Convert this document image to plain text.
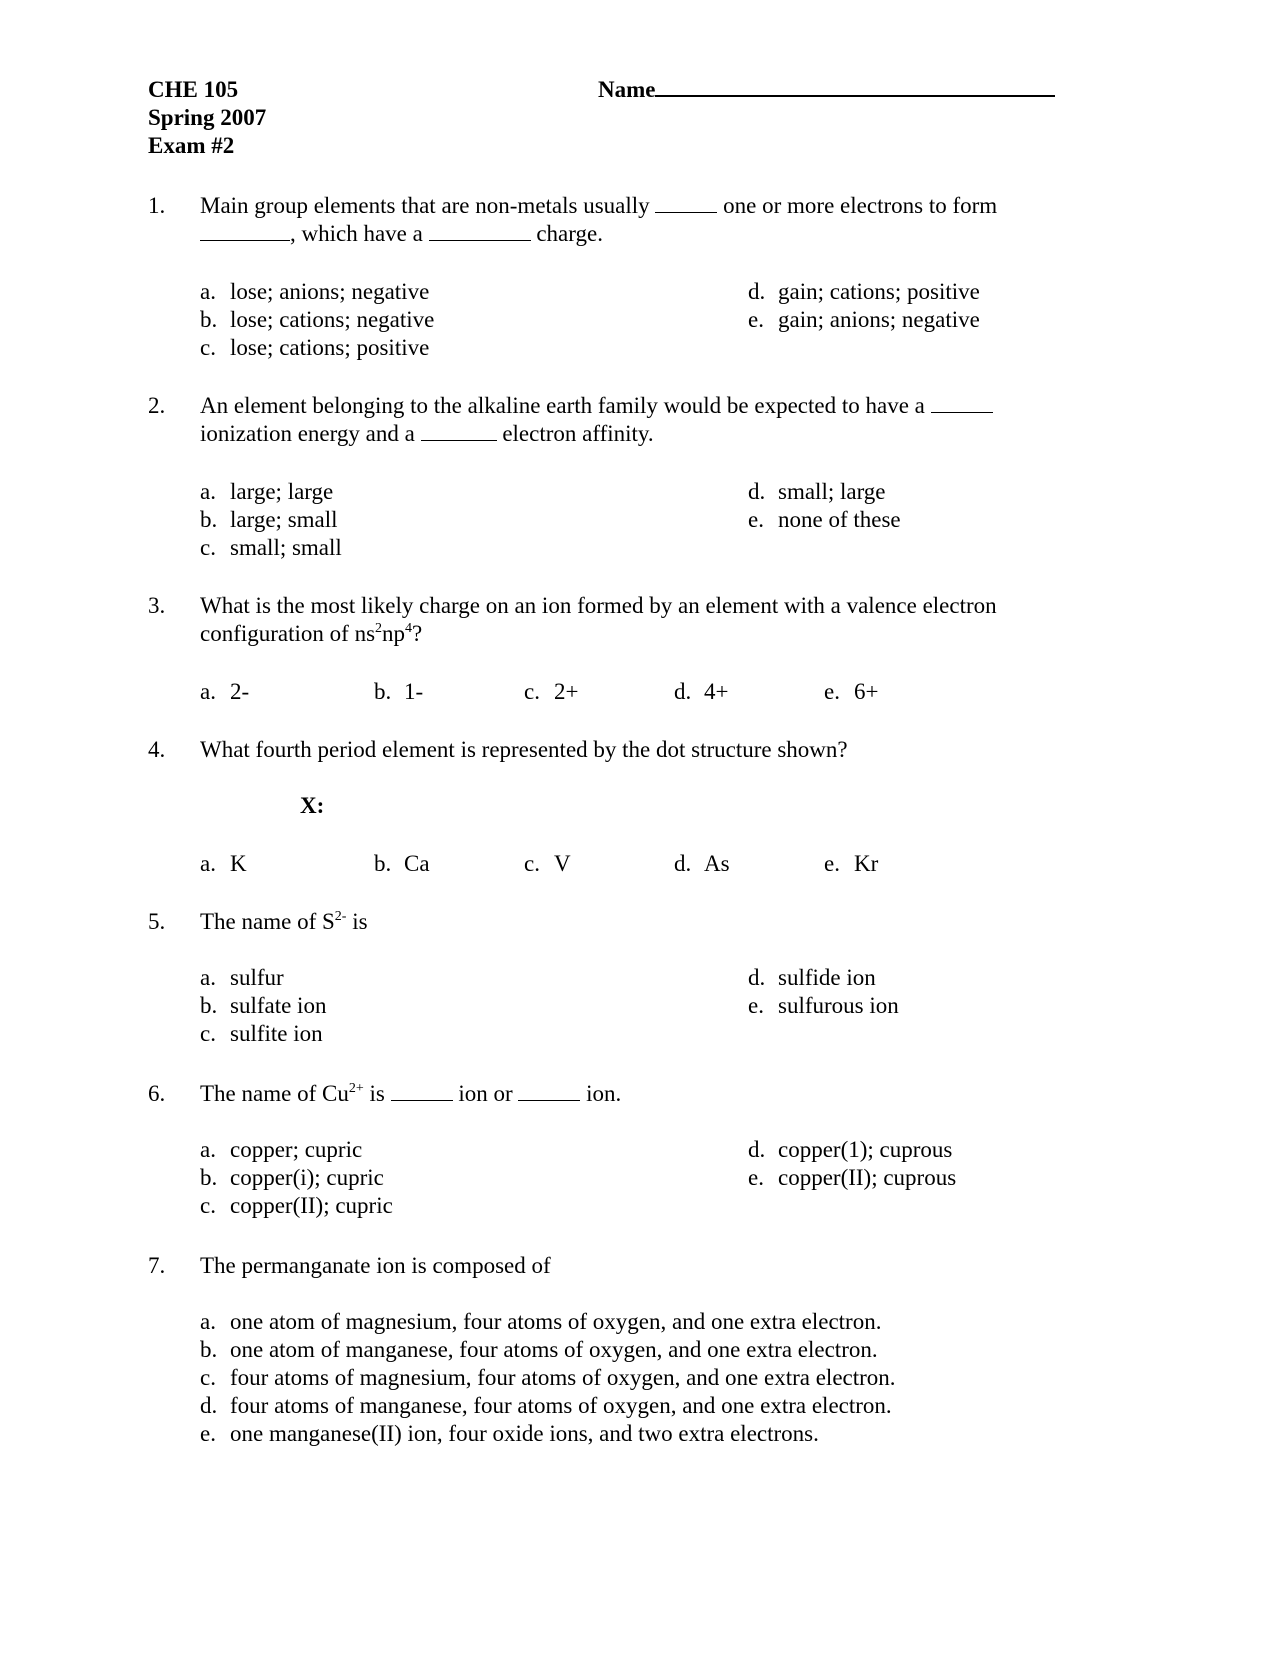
CHE 105
Spring 2007
Exam #2
Name
1. Main group elements that are non-metals usually	one or more electrons to form
, which have a	charge.
a. lose; anions; negative
b. lose; cations; negative
c. lose; cations; positive
d. gain; cations; positive
e. gain; anions; negative
2. An element belonging to the alkaline earth family would be expected to have a
ionization energy and a	electron affinity.
a. large; large
b. large; small
c. small; small
d. small; large
e. none of these
3. What is the most likely charge on an ion formed by an element with a valence electron
configuration of $ns^2np^4$?
a. 2-	b. 1-	c. 2+	d. 4+	e. 6+
4. What fourth period element is represented by the dot structure shown?
X:
a. K	b. Ca	c. V	d. As	e. Kr
5. The name of $S^{2-}$ is
a. sulfur
b. sulfate ion
c. sulfite ion
d. sulfide ion
e. sulfurous ion
6. The name of $Cu^{2+}$ is	ion or	ion.
a. copper; cupric
b. copper(i); cupric
c. copper(II); cupric
d. copper(1); cuprous
e. copper(II); cuprous
7. The permanganate ion is composed of
a. one atom of magnesium, four atoms of oxygen, and one extra electron.
b. one atom of manganese, four atoms of oxygen, and one extra electron.
c. four atoms of magnesium, four atoms of oxygen, and one extra electron.
d. four atoms of manganese, four atoms of oxygen, and one extra electron.
e. one manganese(II) ion, four oxide ions, and two extra electrons.
